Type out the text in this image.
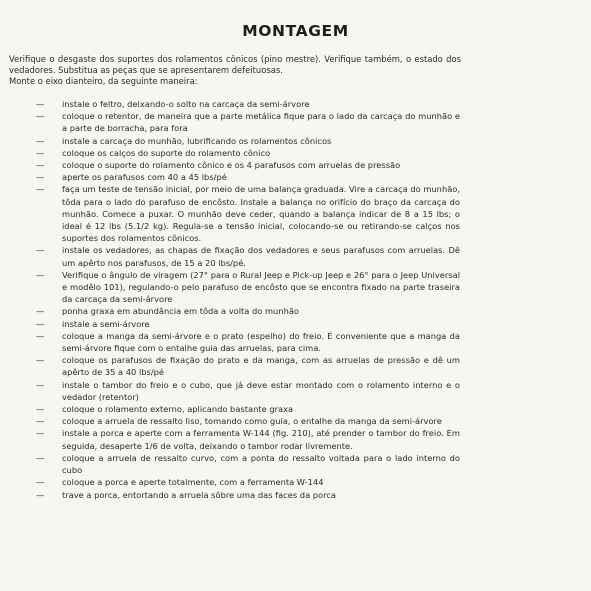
MONTAGEM

Verifique o desgaste dos suportes dos rolamentos cônicos (pino mestre). Verifique também, o estado dos vedadores. Substitua as peças que se apresentarem defeituosas.

Monte o eixo dianteiro, da seguinte maneira:

—	instale o feltro, deixando-o solto na carcaça da semi-árvore
—	coloque o retentor, de maneira que a parte metálica fique para o lado da carcaça do munhão e a parte de borracha, para fora
—	instale a carcaça do munhão, lubrificando os rolamentos cônicos
—	coloque os calços do suporte do rolamento cônico
—	coloque o suporte do rolamento cônico e os 4 parafusos com arruelas de pressão
—	aperte os parafusos com 40 a 45 lbs/pé
—	faça um teste de tensão inicial, por meio de uma balança graduada. Vire a carcaça do munhão, tôda para o lado do parafuso de encôsto. Instale a balança no orifício do braço da carcaça do munhão. Comece a puxar. O munhão deve ceder, quando a balança indicar de 8 a 15 lbs; o ideal é 12 lbs (5.1/2 kg). Regula-se a tensão inicial, colocando-se ou retirando-se calços nos suportes dos rolamentos cônicos.
—	instale os vedadores, as chapas de fixação dos vedadores e seus parafusos com arruelas. Dê um apêrto nos parafusos, de 15 a 20 lbs/pé.
—	Verifique o ângulo de viragem (27° para o Rural Jeep e Pick-up Jeep e 26° para o Jeep Universal e modêlo 101), regulando-o pelo parafuso de encôsto que se encontra fixado na parte traseira da carcaça da semi-árvore
—	ponha graxa em abundância em tôda a volta do munhão
—	instale a semi-árvore
—	coloque a manga da semi-árvore e o prato (espelho) do freio. É conveniente que a manga da semi-árvore fique com o entalhe guia das arruelas, para cima.
—	coloque os parafusos de fixação do prato e da manga, com as arruelas de pressão e dê um apêrto de 35 a 40 lbs/pé
—	instale o tambor do freio e o cubo, que já deve estar montado com o rolamento interno e o vedador (retentor)
—	coloque o rolamento externo, aplicando bastante graxa
—	coloque a arruela de ressalto liso, tomando como guia, o entalhe da manga da semi-árvore
—	instale a porca e aperte com a ferramenta W-144 (fig. 210), até prender o tambor do freio. Em seguida, desaperte 1/6 de volta, deixando o tambor rodar livremente.
—	coloque a arruela de ressalto curvo, com a ponta do ressalto voltada para o lado interno do cubo
—	coloque a porca e aperte totalmente, com a ferramenta W-144
—	trave a porca, entortando a arruela sôbre uma das faces da porca
